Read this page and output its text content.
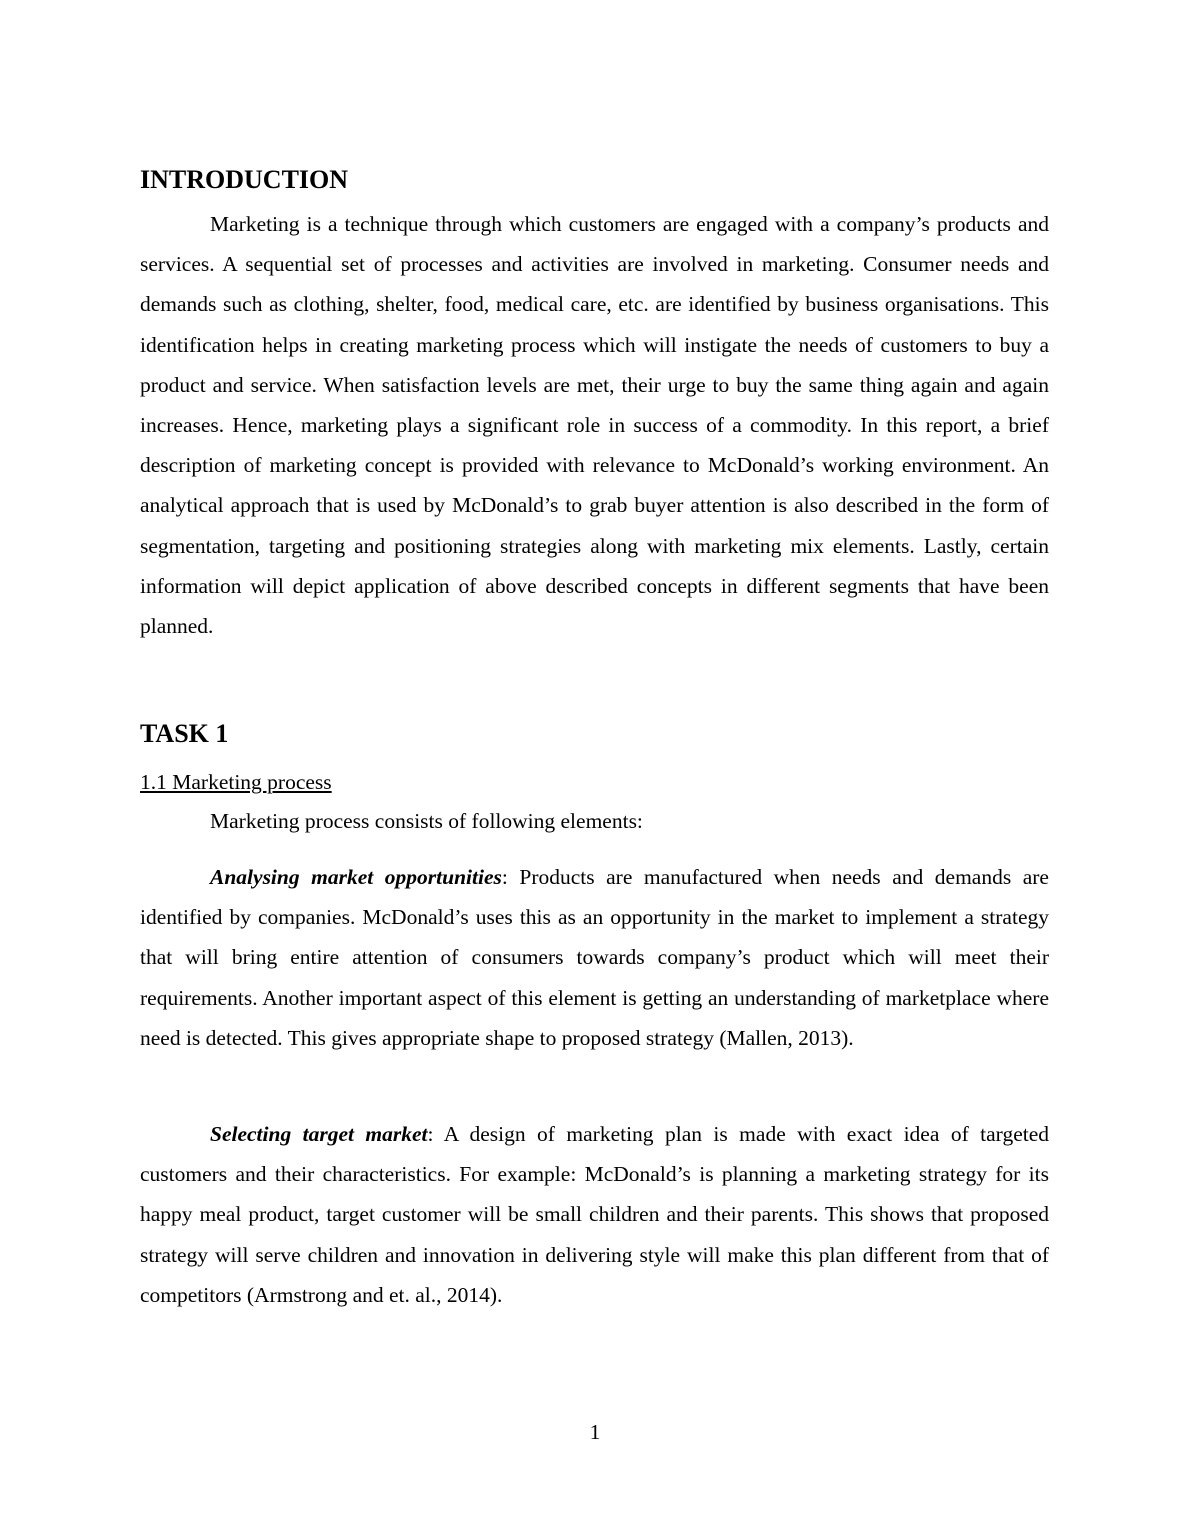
INTRODUCTION

Marketing is a technique through which customers are engaged with a company’s products and services. A sequential set of processes and activities are involved in marketing. Consumer needs and demands such as clothing, shelter, food, medical care, etc. are identified by business organisations. This identification helps in creating marketing process which will instigate the needs of customers to buy a product and service. When satisfaction levels are met, their urge to buy the same thing again and again increases. Hence, marketing plays a significant role in success of a commodity. In this report, a brief description of marketing concept is provided with relevance to McDonald’s working environment. An analytical approach that is used by McDonald’s to grab buyer attention is also described in the form of segmentation, targeting and positioning strategies along with marketing mix elements. Lastly, certain information will depict application of above described concepts in different segments that have been planned.

TASK 1

1.1 Marketing process

Marketing process consists of following elements:

Analysing market opportunities: Products are manufactured when needs and demands are identified by companies. McDonald’s uses this as an opportunity in the market to implement a strategy that will bring entire attention of consumers towards company’s product which will meet their requirements. Another important aspect of this element is getting an understanding of marketplace where need is detected. This gives appropriate shape to proposed strategy (Mallen, 2013).

Selecting target market: A design of marketing plan is made with exact idea of targeted customers and their characteristics. For example: McDonald’s is planning a marketing strategy for its happy meal product, target customer will be small children and their parents. This shows that proposed strategy will serve children and innovation in delivering style will make this plan different from that of competitors (Armstrong and et. al., 2014).

1
